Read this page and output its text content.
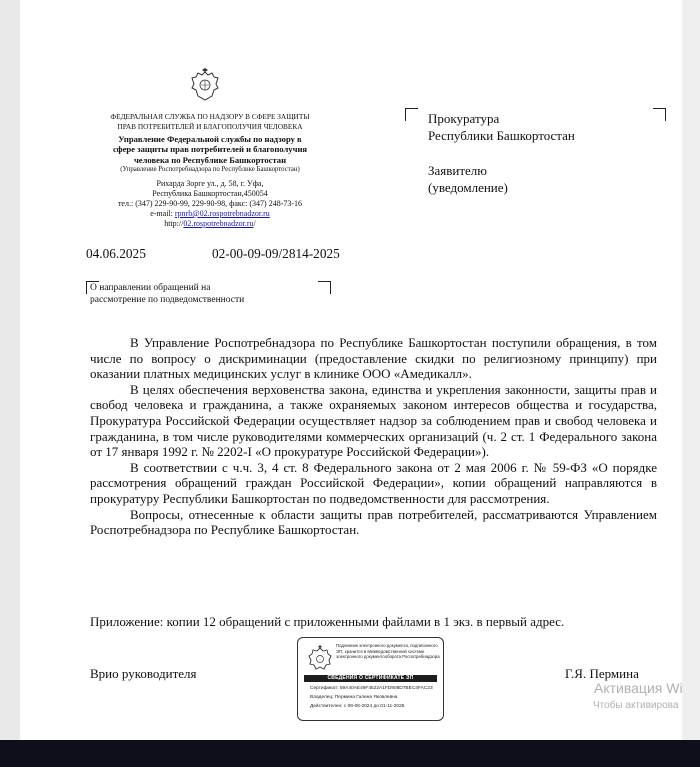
ФЕДЕРАЛЬНАЯ СЛУЖБА ПО НАДЗОРУ В СФЕРЕ ЗАЩИТЫ
ПРАВ ПОТРЕБИТЕЛЕЙ И БЛАГОПОЛУЧИЯ ЧЕЛОВЕКА
Управление Федеральной службы по надзору в
сфере защиты прав потребителей и благополучия
человека по Республике Башкортостан
(Управление Роспотребнадзора по Республике Башкортостан)
Рихарда Зорге ул., д. 58, г. Уфа,
Республика Башкортостан,450054
тел.: (347) 229-90-99, 229-90-98, факс: (347) 248-73-16
e-mail: rpnrb@02.rospotrebnadzor.ru
http://02.rospotrebnadzor.ru/
Прокуратура
Республики Башкортостан
Заявителю
(уведомление)
04.06.2025	02-00-09-09/2814-2025
О направлении обращений на
рассмотрение по подведомственности

В Управление Роспотребнадзора по Республике Башкортостан поступили обращения, в том числе по вопросу о дискриминации (предоставление скидки по религиозному принципу) при оказании платных медицинских услуг в клинике ООО «Амедикалл».

В целях обеспечения верховенства закона, единства и укрепления законности, защиты прав и свобод человека и гражданина, а также охраняемых законом интересов общества и государства, Прокуратура Российской Федерации осуществляет надзор за соблюдением прав и свобод человека и гражданина, в том числе руководителями коммерческих организаций (ч. 2 ст. 1 Федерального закона от 17 января 1992 г. № 2202-I «О прокуратуре Российской Федерации»).

В соответствии с ч.ч. 3, 4 ст. 8 Федерального закона от 2 мая 2006 г. № 59-ФЗ «О порядке рассмотрения обращений граждан Российской Федерации», копии обращений направляются в прокуратуру Республики Башкортостан по подведомственности для рассмотрения.

Вопросы, отнесенные к области защиты прав потребителей, рассматриваются Управлением Роспотребнадзора по Республике Башкортостан.

Приложение: копии 12 обращений с приложенными файлами в 1 экз. в первый адрес.
Врио руководителя	Г.Я. Пермина
Подлинник электронного документа, подписанного ЭП, хранится в Межведомственной системе электронного документооборота Роспотребнадзора
СВЕДЕНИЯ О СЕРТИФИКАТЕ ЭП
Сертификат: 59A40AE49F4522A1FD908D7BEC4FAC23
Владелец: Пермина Галина Яковлевна
Действителен: с 08-08-2024 до 01-11-2025
Активация Wi
Чтобы активирова
